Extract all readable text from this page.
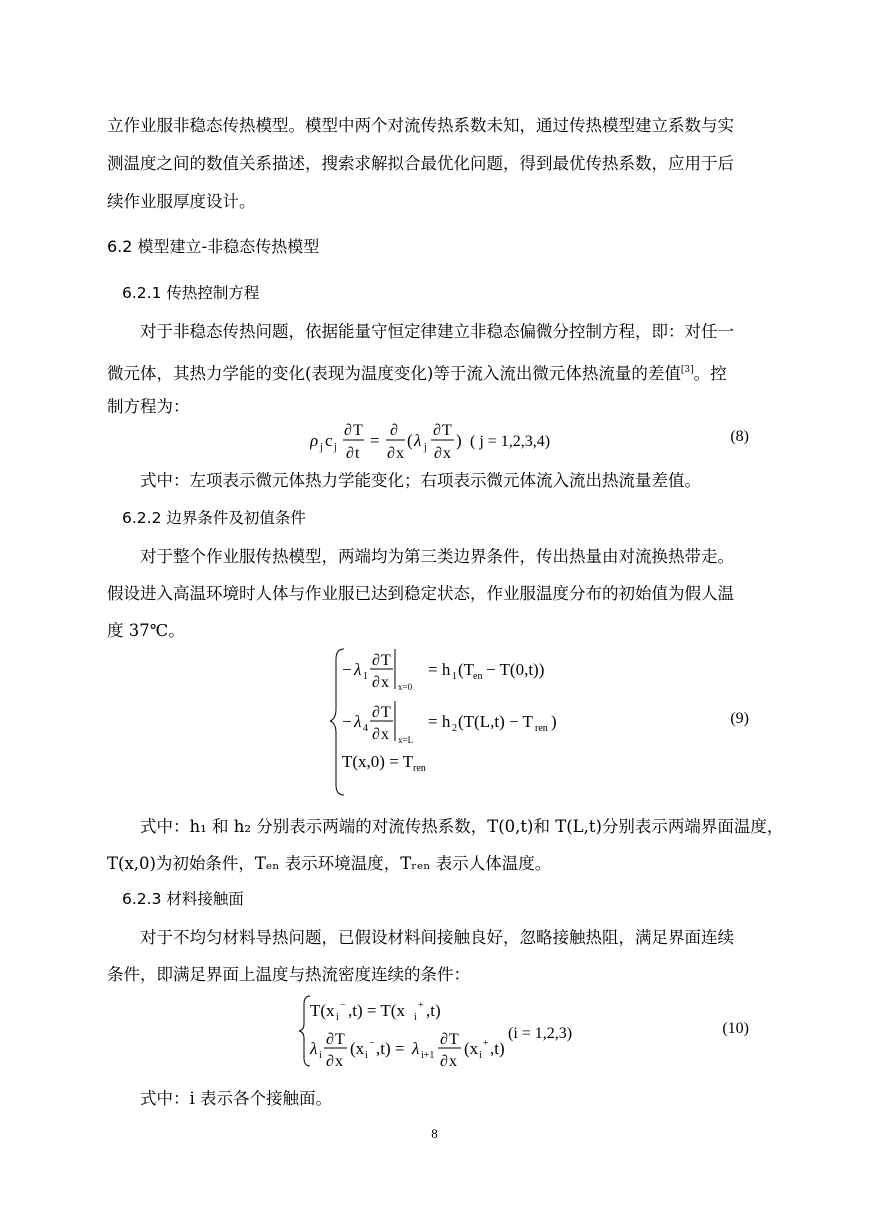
立作业服非稳态传热模型。模型中两个对流传热系数未知，通过传热模型建立系数与实
测温度之间的数值关系描述，搜索求解拟合最优化问题，得到最优传热系数，应用于后
续作业服厚度设计。
6.2 模型建立-非稳态传热模型
6.2.1 传热控制方程
对于非稳态传热问题，依据能量守恒定律建立非稳态偏微分控制方程，即：对任一
微元体，其热力学能的变化(表现为温度变化)等于流入流出微元体热流量的差值[3]。控
制方程为：
ρ j c j
∂ T
∂ t
=
∂
∂ x
( λ j
∂ T
∂ x
) ( j = 1,2,3,4)	(8)
式中：左项表示微元体热力学能变化；右项表示微元体流入流出热流量差值。
6.2.2 边界条件及初值条件
对于整个作业服传热模型，两端均为第三类边界条件，传出热量由对流换热带走。
假设进入高温环境时人体与作业服已达到稳定状态，作业服温度分布的初始值为假人温
度 37℃。
− λ 1
∂ T
∂ x x=0
= h 1 (T
en − T(0,t))
− λ 4
∂ T
∂ x x=L
= h 2 (T(L,t) − T ren )
T(x,0) = T ren
(9)
式中：h₁ 和 h₂ 分别表示两端的对流传热系数，T(0,t)和 T(L,t)分别表示两端界面温度，
T(x,0)为初始条件，Tₑₙ 表示环境温度，Tᵣₑₙ 表示人体温度。
6.2.3 材料接触面
对于不均匀材料导热问题，已假设材料间接触良好，忽略接触热阻，满足界面连续
条件，即满足界面上温度与热流密度连续的条件：
T(x i
− ,t) = T(x i
+ ,t)
λ i
∂ T
∂ x
(x i
− ,t) = λ i+1
∂ T
∂ x
(x i
+ ,t)
(i = 1,2,3)	(10)
式中：i 表示各个接触面。
8
